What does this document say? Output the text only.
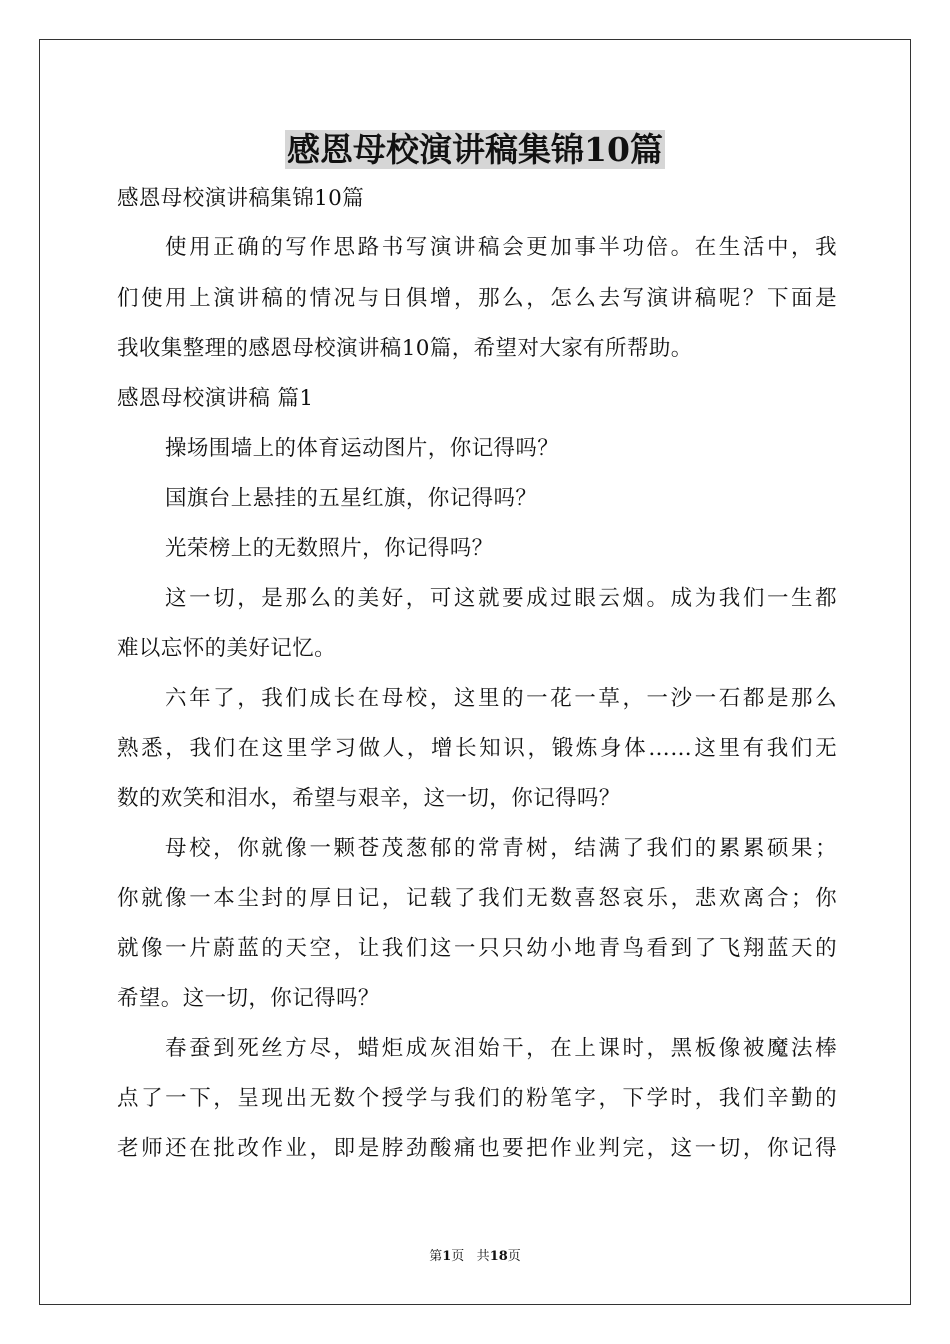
感恩母校演讲稿集锦10篇
感恩母校演讲稿集锦10篇
使用正确的写作思路书写演讲稿会更加事半功倍。在生活中，我
们使用上演讲稿的情况与日俱增，那么，怎么去写演讲稿呢？下面是
我收集整理的感恩母校演讲稿10篇，希望对大家有所帮助。
感恩母校演讲稿 篇1
操场围墙上的体育运动图片，你记得吗？
国旗台上悬挂的五星红旗，你记得吗？
光荣榜上的无数照片，你记得吗？
这一切，是那么的美好，可这就要成过眼云烟。成为我们一生都
难以忘怀的美好记忆。
六年了，我们成长在母校，这里的一花一草，一沙一石都是那么
熟悉，我们在这里学习做人，增长知识，锻炼身体……这里有我们无
数的欢笑和泪水，希望与艰辛，这一切，你记得吗？
母校，你就像一颗苍茂葱郁的常青树，结满了我们的累累硕果；
你就像一本尘封的厚日记，记载了我们无数喜怒哀乐，悲欢离合；你
就像一片蔚蓝的天空，让我们这一只只幼小地青鸟看到了飞翔蓝天的
希望。这一切，你记得吗？
春蚕到死丝方尽，蜡炬成灰泪始干，在上课时，黑板像被魔法棒
点了一下，呈现出无数个授学与我们的粉笔字，下学时，我们辛勤的
老师还在批改作业，即是脖劲酸痛也要把作业判完，这一切，你记得
第1页 共18页
